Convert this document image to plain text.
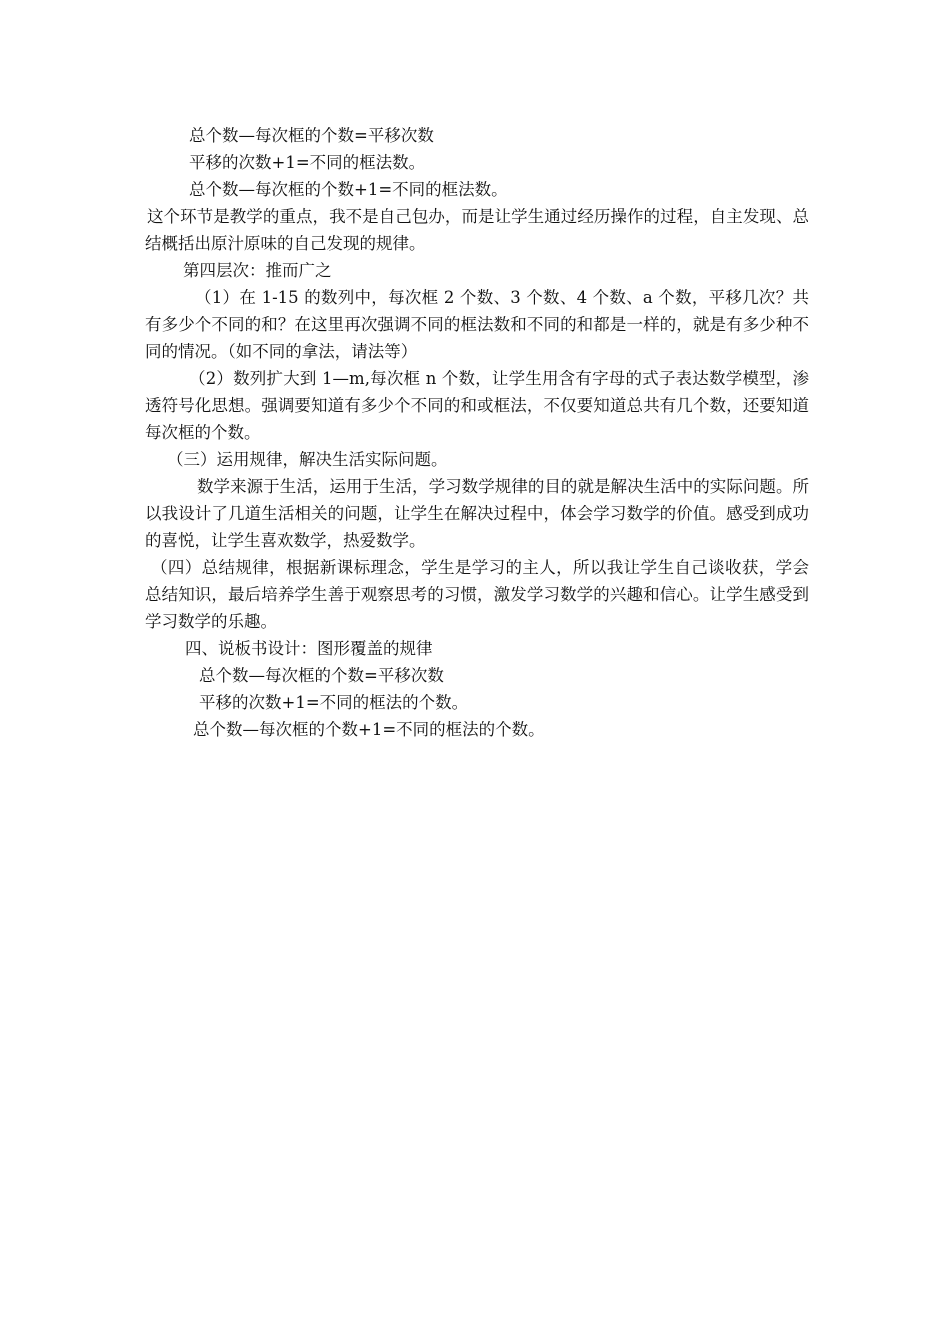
总个数—每次框的个数=平移次数

平移的次数+1=不同的框法数。

总个数—每次框的个数+1=不同的框法数。

这个环节是教学的重点，我不是自己包办，而是让学生通过经历操作的过程，自主发现、总结概括出原汁原味的自己发现的规律。

第四层次：推而广之

（1）在 1-15 的数列中，每次框 2 个数、3 个数、4 个数、a 个数，平移几次？共有多少个不同的和？在这里再次强调不同的框法数和不同的和都是一样的，就是有多少种不同的情况。（如不同的拿法，请法等）

（2）数列扩大到 1—m,每次框 n 个数，让学生用含有字母的式子表达数学模型，渗透符号化思想。强调要知道有多少个不同的和或框法，不仅要知道总共有几个数，还要知道每次框的个数。

（三）运用规律，解决生活实际问题。

数学来源于生活，运用于生活，学习数学规律的目的就是解决生活中的实际问题。所以我设计了几道生活相关的问题，让学生在解决过程中，体会学习数学的价值。感受到成功的喜悦，让学生喜欢数学，热爱数学。

（四）总结规律，根据新课标理念，学生是学习的主人，所以我让学生自己谈收获，学会总结知识，最后培养学生善于观察思考的习惯，激发学习数学的兴趣和信心。让学生感受到学习数学的乐趣。

四、说板书设计：图形覆盖的规律

总个数—每次框的个数=平移次数

平移的次数+1=不同的框法的个数。

总个数—每次框的个数+1=不同的框法的个数。
